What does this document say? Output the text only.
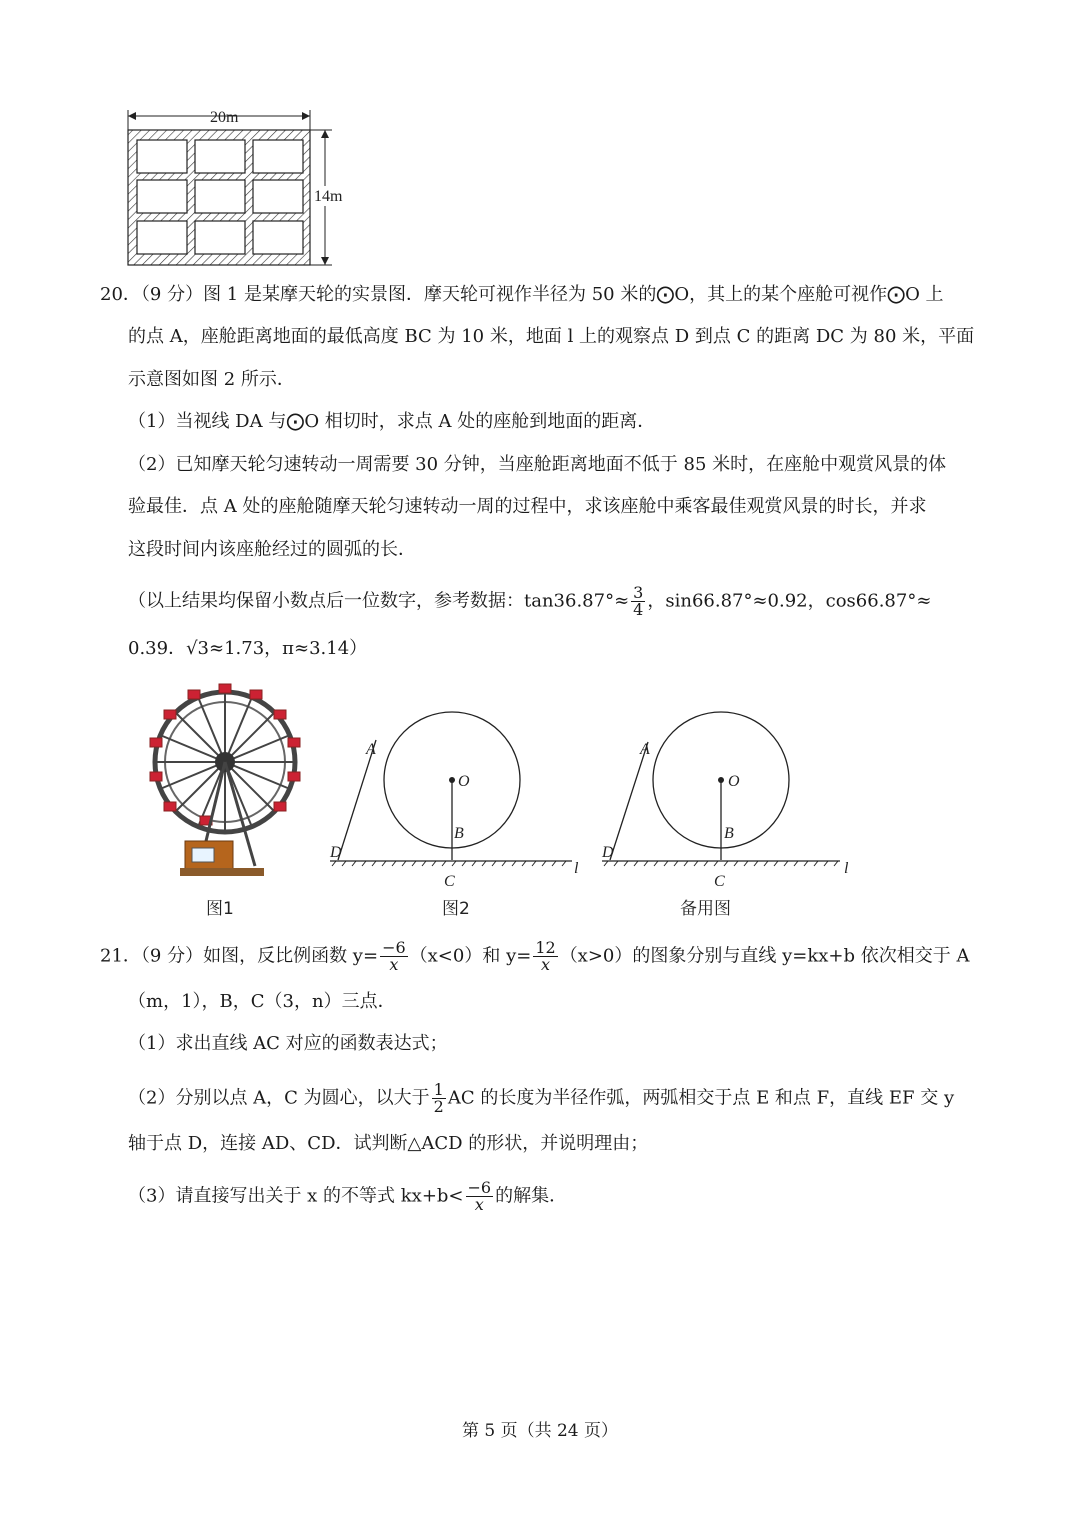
20m
14m
20．（9 分）图 1 是某摩天轮的实景图．摩天轮可视作半径为 50 米的⨀O，其上的某个座舱可视作⨀O 上
的点 A，座舱距离地面的最低高度 BC 为 10 米，地面 l 上的观察点 D 到点 C 的距离 DC 为 80 米，平面
示意图如图 2 所示．
（1）当视线 DA 与⨀O 相切时，求点 A 处的座舱到地面的距离．
（2）已知摩天轮匀速转动一周需要 30 分钟，当座舱距离地面不低于 85 米时，在座舱中观赏风景的体
验最佳．点 A 处的座舱随摩天轮匀速转动一周的过程中，求该座舱中乘客最佳观赏风景的时长，并求
这段时间内该座舱经过的圆弧的长．
（以上结果均保留小数点后一位数字，参考数据：$\tan 36.87^\circ\approx \frac{3}{4}$ ，sin66.87°≈0.92，cos66.87°≈
0.39．√3≈1.73，π≈3.14）
A
O
B
C
D
l
A
O
B
C
D
l
图1	图2	备用图
21．（9 分）如图，反比例函数 $y= \frac{-6}{x} (x<0)$和 $y= \frac{12}{x} (x>0)$的图象分别与直线 y=kx+b 依次相交于 A
（m，1），B，C（3，n）三点．
（1）求出直线 AC 对应的函数表达式；
（2）分别以点 A，C 为圆心，以大于 $\frac{1}{2}$ AC 的长度为半径作弧，两弧相交于点 E 和点 F，直线 EF 交 y
轴于点 D，连接 AD、CD．试判断△ACD 的形状，并说明理由；
（3）请直接写出关于 x 的不等式 $kx+b< \frac{-6}{x}$ 的解集．
第 5 页（共 24 页）
